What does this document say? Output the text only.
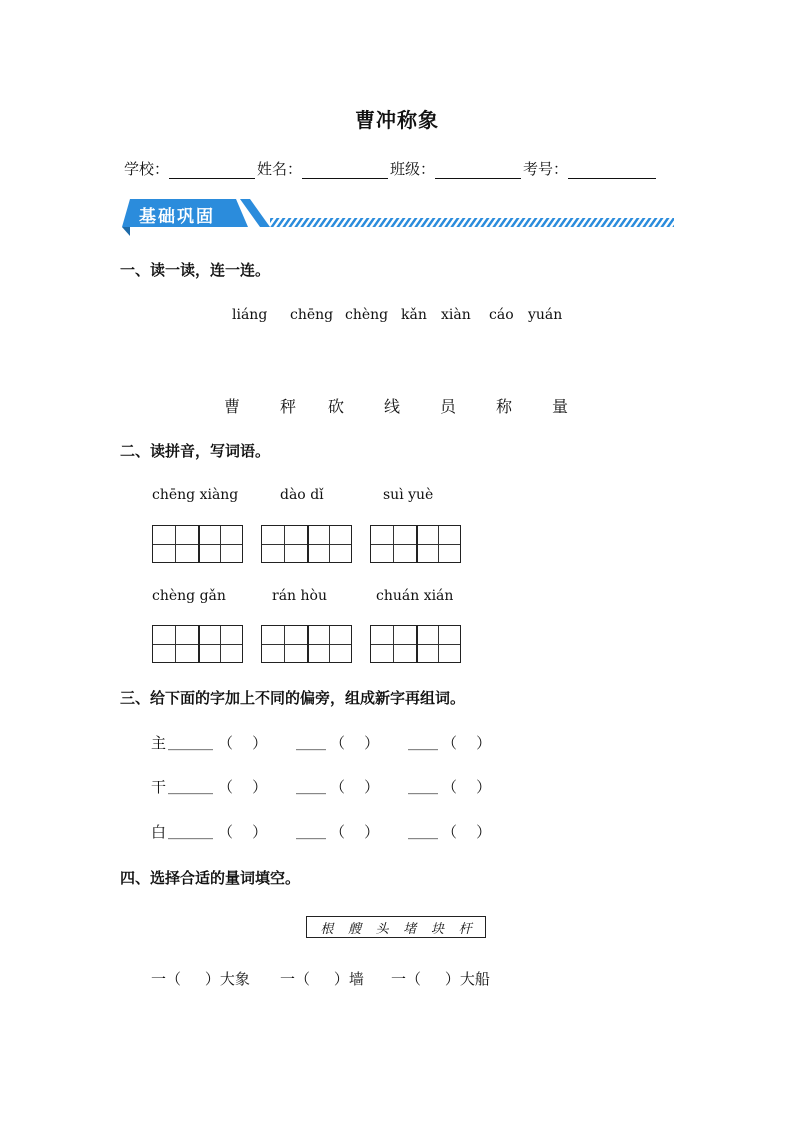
曹冲称象
学校：	姓名：	班级：	考号：
基础巩固
一、读一读，连一连。
liáng chēng chèng kǎn xiàn cáo yuán
曹 秤 砍 线 员 称 量
二、读拼音，写词语。
chēng xiàng	dào dǐ	suì yuè
chèng gǎn	rán hòu	chuán xián
三、给下面的字加上不同的偏旁，组成新字再组词。
主 ＿＿＿ （    ） ＿＿ （    ） ＿＿ （    ）
干 ＿＿＿ （    ） ＿＿ （    ） ＿＿ （    ）
白 ＿＿＿ （    ） ＿＿ （    ） ＿＿ （    ）
四、选择合适的量词填空。
根 艘 头 堵 块 杆
一（     ）大象 一（     ）墙 一（     ）大船
